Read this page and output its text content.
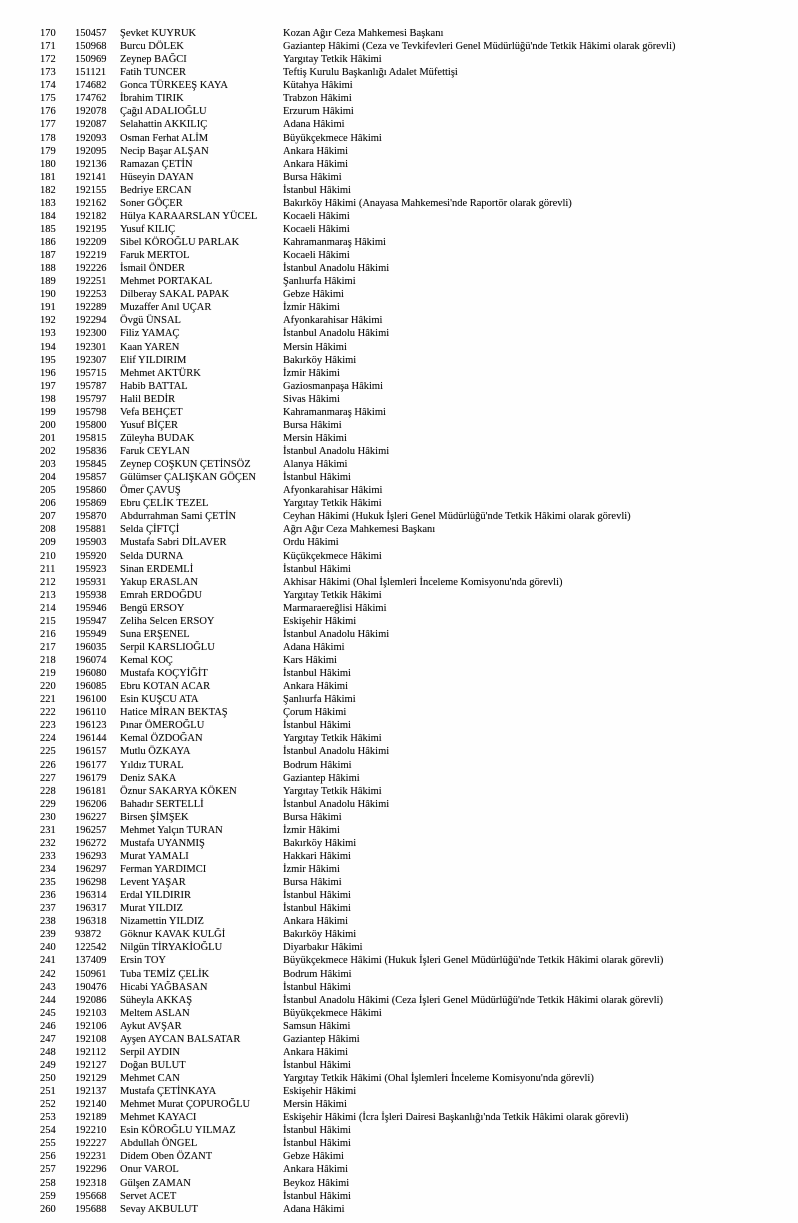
170	150457	Şevket KUYRUK	Kozan Ağır Ceza Mahkemesi Başkanı
171	150968	Burcu DÖLEK	Gaziantep Hâkimi (Ceza ve Tevkifevleri Genel Müdürlüğü'nde Tetkik Hâkimi olarak görevli)
172	150969	Zeynep BAĞCI	Yargıtay Tetkik Hâkimi
173	151121	Fatih TUNCER	Teftiş Kurulu Başkanlığı Adalet Müfettişi
174	174682	Gonca TÜRKEEŞ KAYA	Kütahya Hâkimi
175	174762	İbrahim TIRIK	Trabzon Hâkimi
176	192078	Çağıl ADALIOĞLU	Erzurum Hâkimi
177	192087	Selahattin AKKILIÇ	Adana Hâkimi
178	192093	Osman Ferhat ALİM	Büyükçekmece Hâkimi
179	192095	Necip Başar ALŞAN	Ankara Hâkimi
180	192136	Ramazan ÇETİN	Ankara Hâkimi
181	192141	Hüseyin DAYAN	Bursa Hâkimi
182	192155	Bedriye ERCAN	İstanbul Hâkimi
183	192162	Soner GÖÇER	Bakırköy Hâkimi (Anayasa Mahkemesi'nde Raportör olarak görevli)
184	192182	Hülya KARAARSLAN YÜCEL	Kocaeli Hâkimi
185	192195	Yusuf KILIÇ	Kocaeli Hâkimi
186	192209	Sibel KÖROĞLU PARLAK	Kahramanmaraş Hâkimi
187	192219	Faruk MERTOL	Kocaeli Hâkimi
188	192226	İsmail ÖNDER	İstanbul Anadolu Hâkimi
189	192251	Mehmet PORTAKAL	Şanlıurfa Hâkimi
190	192253	Dilberay SAKAL PAPAK	Gebze Hâkimi
191	192289	Muzaffer Anıl UÇAR	İzmir Hâkimi
192	192294	Övgü ÜNSAL	Afyonkarahisar Hâkimi
193	192300	Filiz YAMAÇ	İstanbul Anadolu Hâkimi
194	192301	Kaan YAREN	Mersin Hâkimi
195	192307	Elif YILDIRIM	Bakırköy Hâkimi
196	195715	Mehmet AKTÜRK	İzmir Hâkimi
197	195787	Habib BATTAL	Gaziosmanpaşa Hâkimi
198	195797	Halil BEDİR	Sivas Hâkimi
199	195798	Vefa BEHÇET	Kahramanmaraş Hâkimi
200	195800	Yusuf BİÇER	Bursa Hâkimi
201	195815	Züleyha BUDAK	Mersin Hâkimi
202	195836	Faruk CEYLAN	İstanbul Anadolu Hâkimi
203	195845	Zeynep COŞKUN ÇETİNSÖZ	Alanya Hâkimi
204	195857	Gülümser ÇALIŞKAN GÖÇEN	İstanbul Hâkimi
205	195860	Ömer ÇAVUŞ	Afyonkarahisar Hâkimi
206	195869	Ebru ÇELİK TEZEL	Yargıtay Tetkik Hâkimi
207	195870	Abdurrahman Sami ÇETİN	Ceyhan Hâkimi (Hukuk İşleri Genel Müdürlüğü'nde Tetkik Hâkimi olarak görevli)
208	195881	Selda ÇİFTÇİ	Ağrı Ağır Ceza Mahkemesi Başkanı
209	195903	Mustafa Sabri DİLAVER	Ordu Hâkimi
210	195920	Selda DURNA	Küçükçekmece Hâkimi
211	195923	Sinan ERDEMLİ	İstanbul Hâkimi
212	195931	Yakup ERASLAN	Akhisar Hâkimi (Ohal İşlemleri İnceleme Komisyonu'nda görevli)
213	195938	Emrah ERDOĞDU	Yargıtay Tetkik Hâkimi
214	195946	Bengü ERSOY	Marmaraereğlisi Hâkimi
215	195947	Zeliha Selcen ERSOY	Eskişehir Hâkimi
216	195949	Suna ERŞENEL	İstanbul Anadolu Hâkimi
217	196035	Serpil KARSLIOĞLU	Adana Hâkimi
218	196074	Kemal KOÇ	Kars Hâkimi
219	196080	Mustafa KOÇYİĞİT	İstanbul Hâkimi
220	196085	Ebru KOTAN ACAR	Ankara Hâkimi
221	196100	Esin KUŞCU ATA	Şanlıurfa Hâkimi
222	196110	Hatice MİRAN BEKTAŞ	Çorum Hâkimi
223	196123	Pınar ÖMEROĞLU	İstanbul Hâkimi
224	196144	Kemal ÖZDOĞAN	Yargıtay Tetkik Hâkimi
225	196157	Mutlu ÖZKAYA	İstanbul Anadolu Hâkimi
226	196177	Yıldız TURAL	Bodrum Hâkimi
227	196179	Deniz SAKA	Gaziantep Hâkimi
228	196181	Öznur SAKARYA KÖKEN	Yargıtay Tetkik Hâkimi
229	196206	Bahadır SERTELLİ	İstanbul Anadolu Hâkimi
230	196227	Birsen ŞİMŞEK	Bursa Hâkimi
231	196257	Mehmet Yalçın TURAN	İzmir Hâkimi
232	196272	Mustafa UYANMIŞ	Bakırköy Hâkimi
233	196293	Murat YAMALI	Hakkari Hâkimi
234	196297	Ferman YARDIMCI	İzmir Hâkimi
235	196298	Levent YAŞAR	Bursa Hâkimi
236	196314	Erdal YILDIRIR	İstanbul Hâkimi
237	196317	Murat YILDIZ	İstanbul Hâkimi
238	196318	Nizamettin YILDIZ	Ankara Hâkimi
239	93872	Göknur KAVAK KULĞİ	Bakırköy Hâkimi
240	122542	Nilgün TİRYAKİOĞLU	Diyarbakır Hâkimi
241	137409	Ersin TOY	Büyükçekmece Hâkimi (Hukuk İşleri Genel Müdürlüğü'nde Tetkik Hâkimi olarak görevli)
242	150961	Tuba TEMİZ ÇELİK	Bodrum Hâkimi
243	190476	Hicabi YAĞBASAN	İstanbul Hâkimi
244	192086	Süheyla AKKAŞ	İstanbul Anadolu Hâkimi (Ceza İşleri Genel Müdürlüğü'nde Tetkik Hâkimi olarak görevli)
245	192103	Meltem ASLAN	Büyükçekmece Hâkimi
246	192106	Aykut AVŞAR	Samsun Hâkimi
247	192108	Ayşen AYCAN BALSATAR	Gaziantep Hâkimi
248	192112	Serpil AYDIN	Ankara Hâkimi
249	192127	Doğan BULUT	İstanbul Hâkimi
250	192129	Mehmet CAN	Yargıtay Tetkik Hâkimi (Ohal İşlemleri İnceleme Komisyonu'nda görevli)
251	192137	Mustafa ÇETİNKAYA	Eskişehir Hâkimi
252	192140	Mehmet Murat ÇOPUROĞLU	Mersin Hâkimi
253	192189	Mehmet KAYACI	Eskişehir Hâkimi (İcra İşleri Dairesi Başkanlığı'nda Tetkik Hâkimi olarak görevli)
254	192210	Esin KÖROĞLU YILMAZ	İstanbul Hâkimi
255	192227	Abdullah ÖNGEL	İstanbul Hâkimi
256	192231	Didem Oben ÖZANT	Gebze Hâkimi
257	192296	Onur VAROL	Ankara Hâkimi
258	192318	Gülşen ZAMAN	Beykoz Hâkimi
259	195668	Servet ACET	İstanbul Hâkimi
260	195688	Sevay AKBULUT	Adana Hâkimi
